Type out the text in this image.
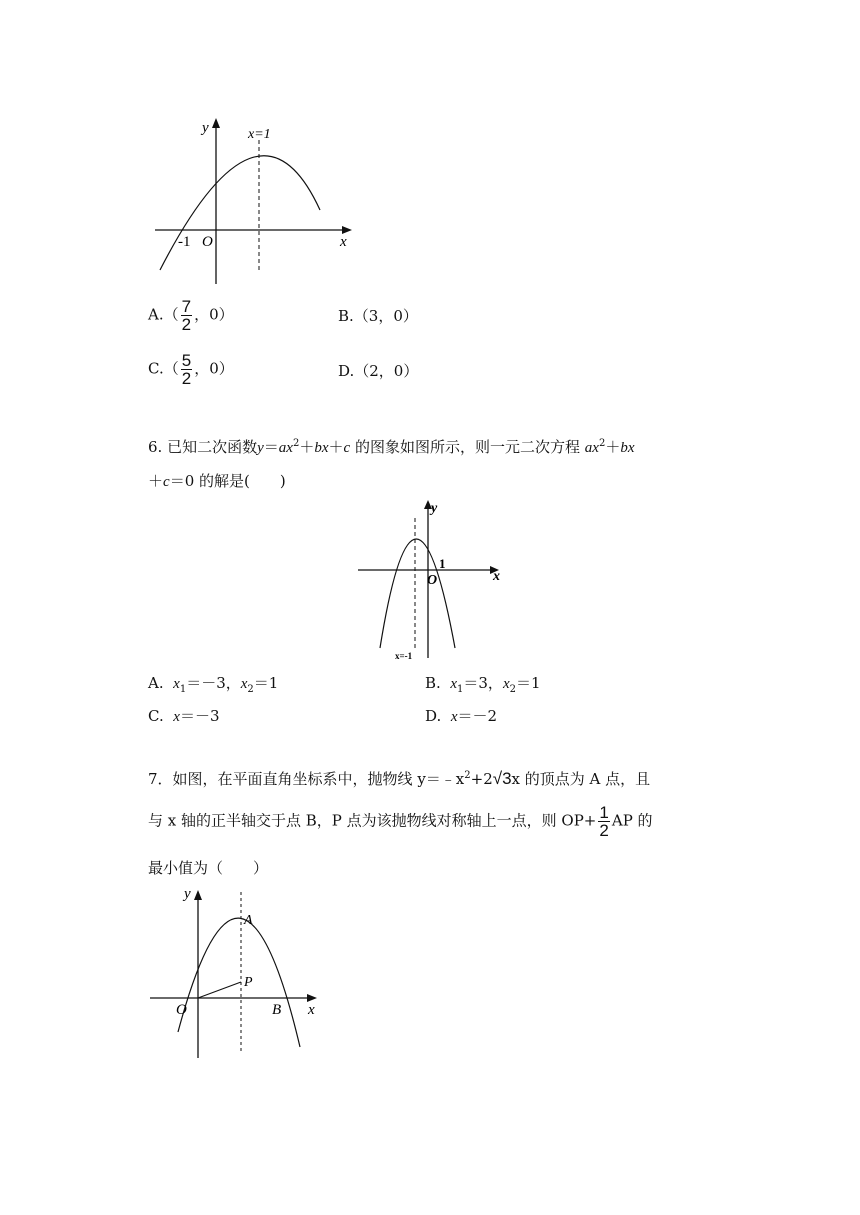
y
x
x=1
-1 O
$A.( \frac{7}{2}$ ，0）	B.（3，0）
$C.( \frac{5}{2}$ ，0）	D.（2，0）
6. 已知二次函数$y=ax^2+bx+c$ 的图象如图所示，则一元二次方程 $ax^2+bx$
＋c＝0 的解是(　　)
y
x
1
O
x=-1
A. $x_1=-3$，$x_2=1$	B. $x_1=3$，$x_2=1$
C. x＝－3	D. x＝－2
7．如图，在平面直角坐标系中，抛物线 $y=﹣x^2+2√3x$ 的顶点为 A 点，且
与 x 轴的正半轴交于点 B，P 点为该抛物线对称轴上一点，则 $OP+ \frac{1}{2}$ AP 的
最小值为（　　）
y
x
A
P
O	B
